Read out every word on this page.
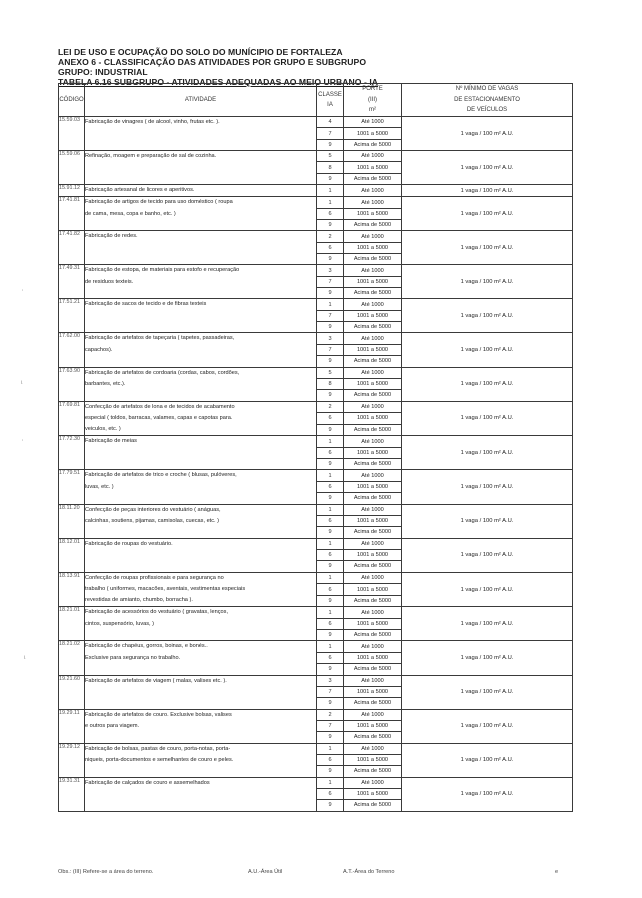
LEI DE USO E OCUPAÇÃO DO SOLO DO MUNÍCIPIO DE FORTALEZA
ANEXO 6 - CLASSIFICAÇÃO DAS ATIVIDADES POR GRUPO E SUBGRUPO
GRUPO: INDUSTRIAL
TABELA 6.16 SUBGRUPO - ATIVIDADES ADEQUADAS AO MEIO URBANO - IA
CÓDIGO	ATIVIDADE	CLASSE
IA	PORTE
(III)
m²	Nº MÍNIMO DE VAGAS
DE ESTACIONAMENTO
DE VEÍCULOS

15.59.03	Fabricação de vinagres ( de alcool, vinho, frutas etc. ).	4	Até 1000	1 vaga / 100 m² A.U.
		7	1001 a 5000	
		9	Acima de 5000	
15.59.06	Refinação, moagem e preparação de sal de cozinha.	5	Até 1000	1 vaga / 100 m² A.U.
		8	1001 a 5000	
		9	Acima de 5000	
15.91.12	Fabricação artesanal de licores e aperitivos.	1	Até 1000	1 vaga / 100 m² A.U.
17.41.81	Fabricação de artigos de tecido para uso doméstico ( roupa
de cama, mesa, copa e banho, etc. )	1	Até 1000	1 vaga / 100 m² A.U.
		6	1001 a 5000	
		9	Acima de 5000	
17.41.82	Fabricação de redes.	2	Até 1000	1 vaga / 100 m² A.U.
		6	1001 a 5000	
		9	Acima de 5000	
17.49.31	Fabricação de estopa, de materiais para estofo e recuperação
de residuos texteis.	3	Até 1000	1 vaga / 100 m² A.U.
		7	1001 a 5000	
		9	Acima de 5000	
17.51.21	Fabricação de sacos de tecido e de fibras texteis	1	Até 1000	1 vaga / 100 m² A.U.
		7	1001 a 5000	
		9	Acima de 5000	
17.62.00	Fabricação de artefatos de tapeçaria ( tapetes, passadeiras,
capachos).	3	Até 1000	1 vaga / 100 m² A.U.
		7	1001 a 5000	
		9	Acima de 5000	
17.63.90	Fabricação de artefatos de cordoaria (cordas, cabos, cordões,
barbantes, etc.).	5	Até 1000	1 vaga / 100 m² A.U.
		8	1001 a 5000	
		9	Acima de 5000	
17.69.81	Confecção de artefatos de lona e de tecidos de acabamento
especial ( toldos, barracas, valames, capas e capotas para.
veiculos, etc. )	2	Até 1000	1 vaga / 100 m² A.U.
		6	1001 a 5000	
		9	Acima de 5000	
17.72.30	Fabricação de meias	1	Até 1000	1 vaga / 100 m² A.U.
		6	1001 a 5000	
		9	Acima de 5000	
17.79.51	Fabricação de artefatos de trico e croche ( blusas, pulóveres,
luvas, etc. )	1	Até 1000	1 vaga / 100 m² A.U.
		6	1001 a 5000	
		9	Acima de 5000	
18.11.20	Confecção de peças interiores do vestuário ( anáguas,
calcinhas, soutiens, pijamas, camisolas, cuecas, etc. )	1	Até 1000	1 vaga / 100 m² A.U.
		6	1001 a 5000	
		9	Acima de 5000	
18.12.01	Fabricação de roupas do vestuário.	1	Até 1000	1 vaga / 100 m² A.U.
		6	1001 a 5000	
		9	Acima de 5000	
18.13.91	Confecção de roupas profissionais e para segurança no
trabalho ( uniformes, macacões, aventais, vestimentas especiais
revestidas de amianto, chumbo, borracha ).	1	Até 1000	1 vaga / 100 m² A.U.
		6	1001 a 5000	
		9	Acima de 5000	
18.21.01	Fabricação de acessórios do vestuário ( gravatas, lenços,
cintos, suspensório, luvas, )	1	Até 1000	1 vaga / 100 m² A.U.
		6	1001 a 5000	
		9	Acima de 5000	
18.21.02	Fabricação de chapéus, gorros, boinas, e bonés..
Exclusive para segurança no trabalho.	1	Até 1000	1 vaga / 100 m² A.U.
		6	1001 a 5000	
		9	Acima de 5000	
19.21.60	Fabricação de artefatos de viagem ( malas, valises etc. ).	3	Até 1000	1 vaga / 100 m² A.U.
		7	1001 a 5000	
		9	Acima de 5000	
19.29.11	Fabricação de artefatos de couro. Exclusive bolsas, valises
e outros para viagem.	2	Até 1000	1 vaga / 100 m² A.U.
		7	1001 a 5000	
		9	Acima de 5000	
19.29.12	Fabricação de bolsas, pastas de couro, porta-notas, porta-
niqueis, porta-documentos e semelhantes de couro e peles.	1	Até 1000	1 vaga / 100 m² A.U.
		6	1001 a 5000	
		9	Acima de 5000	
19.31.31	Fabricação de calçados de couro e assemelhados	1	Até 1000	1 vaga / 100 m² A.U.
		6	1001 a 5000	
		9	Acima de 5000	
Obs.: (III) Refere-se a área do terreno.	A.U.-Área Útil	A.T.-Área do Terreno	e
ʻ
ɩ
ʻ
ɩ
